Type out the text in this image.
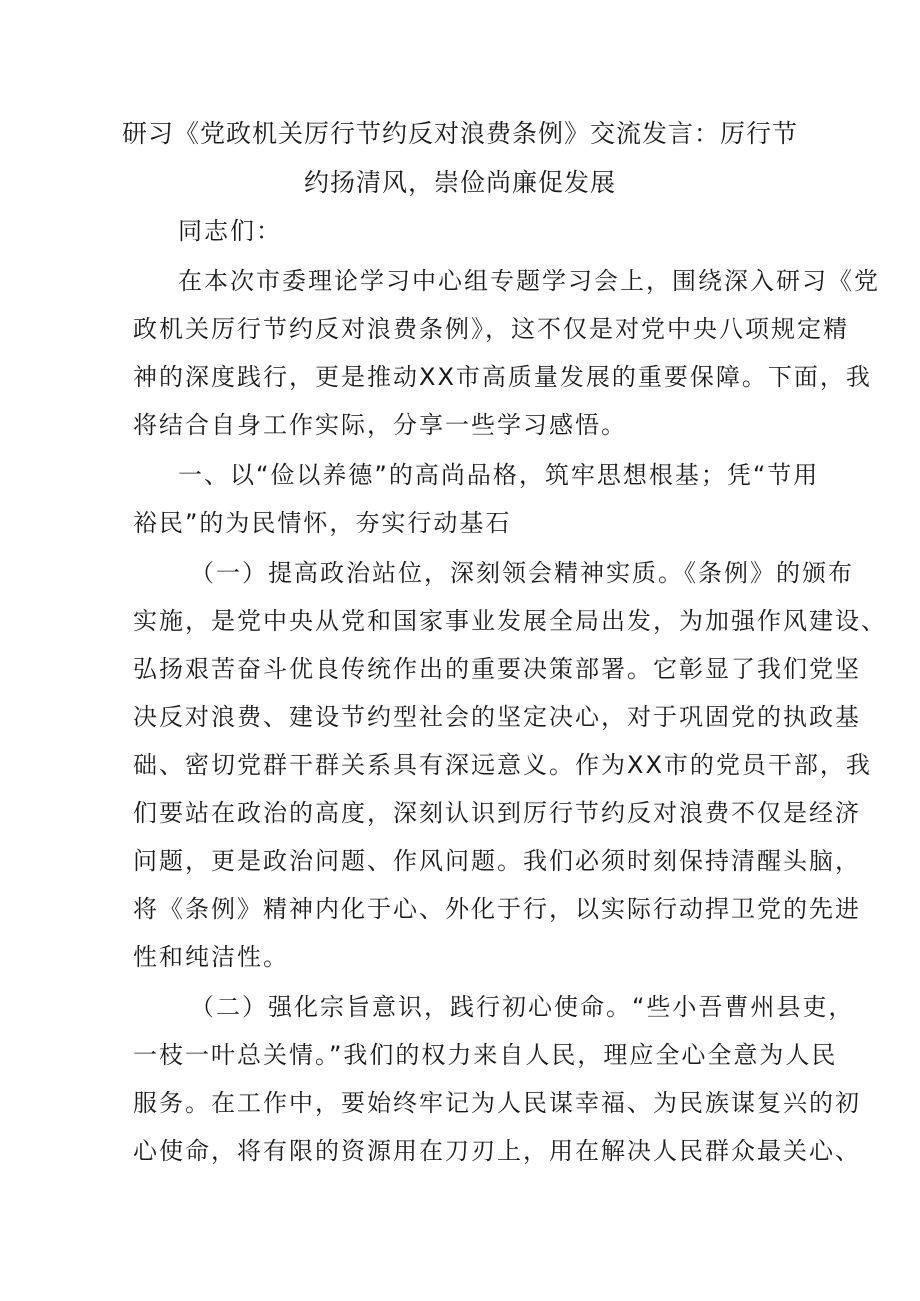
研习《党政机关厉行节约反对浪费条例》交流发言：厉行节
约扬清风，崇俭尚廉促发展
同志们：
在本次市委理论学习中心组专题学习会上，围绕深入研习《党
政机关厉行节约反对浪费条例》，这不仅是对党中央八项规定精
神的深度践行，更是推动XX市高质量发展的重要保障。下面，我
将结合自身工作实际，分享一些学习感悟。
一、以“俭以养德”的高尚品格，筑牢思想根基；凭“节用
裕民”的为民情怀，夯实行动基石
（一）提高政治站位，深刻领会精神实质。《条例》的颁布
实施，是党中央从党和国家事业发展全局出发，为加强作风建设、
弘扬艰苦奋斗优良传统作出的重要决策部署。它彰显了我们党坚
决反对浪费、建设节约型社会的坚定决心，对于巩固党的执政基
础、密切党群干群关系具有深远意义。作为XX市的党员干部，我
们要站在政治的高度，深刻认识到厉行节约反对浪费不仅是经济
问题，更是政治问题、作风问题。我们必须时刻保持清醒头脑，
将《条例》精神内化于心、外化于行，以实际行动捍卫党的先进
性和纯洁性。
（二）强化宗旨意识，践行初心使命。“些小吾曹州县吏，
一枝一叶总关情。”我们的权力来自人民，理应全心全意为人民
服务。在工作中，要始终牢记为人民谋幸福、为民族谋复兴的初
心使命，将有限的资源用在刀刃上，用在解决人民群众最关心、
